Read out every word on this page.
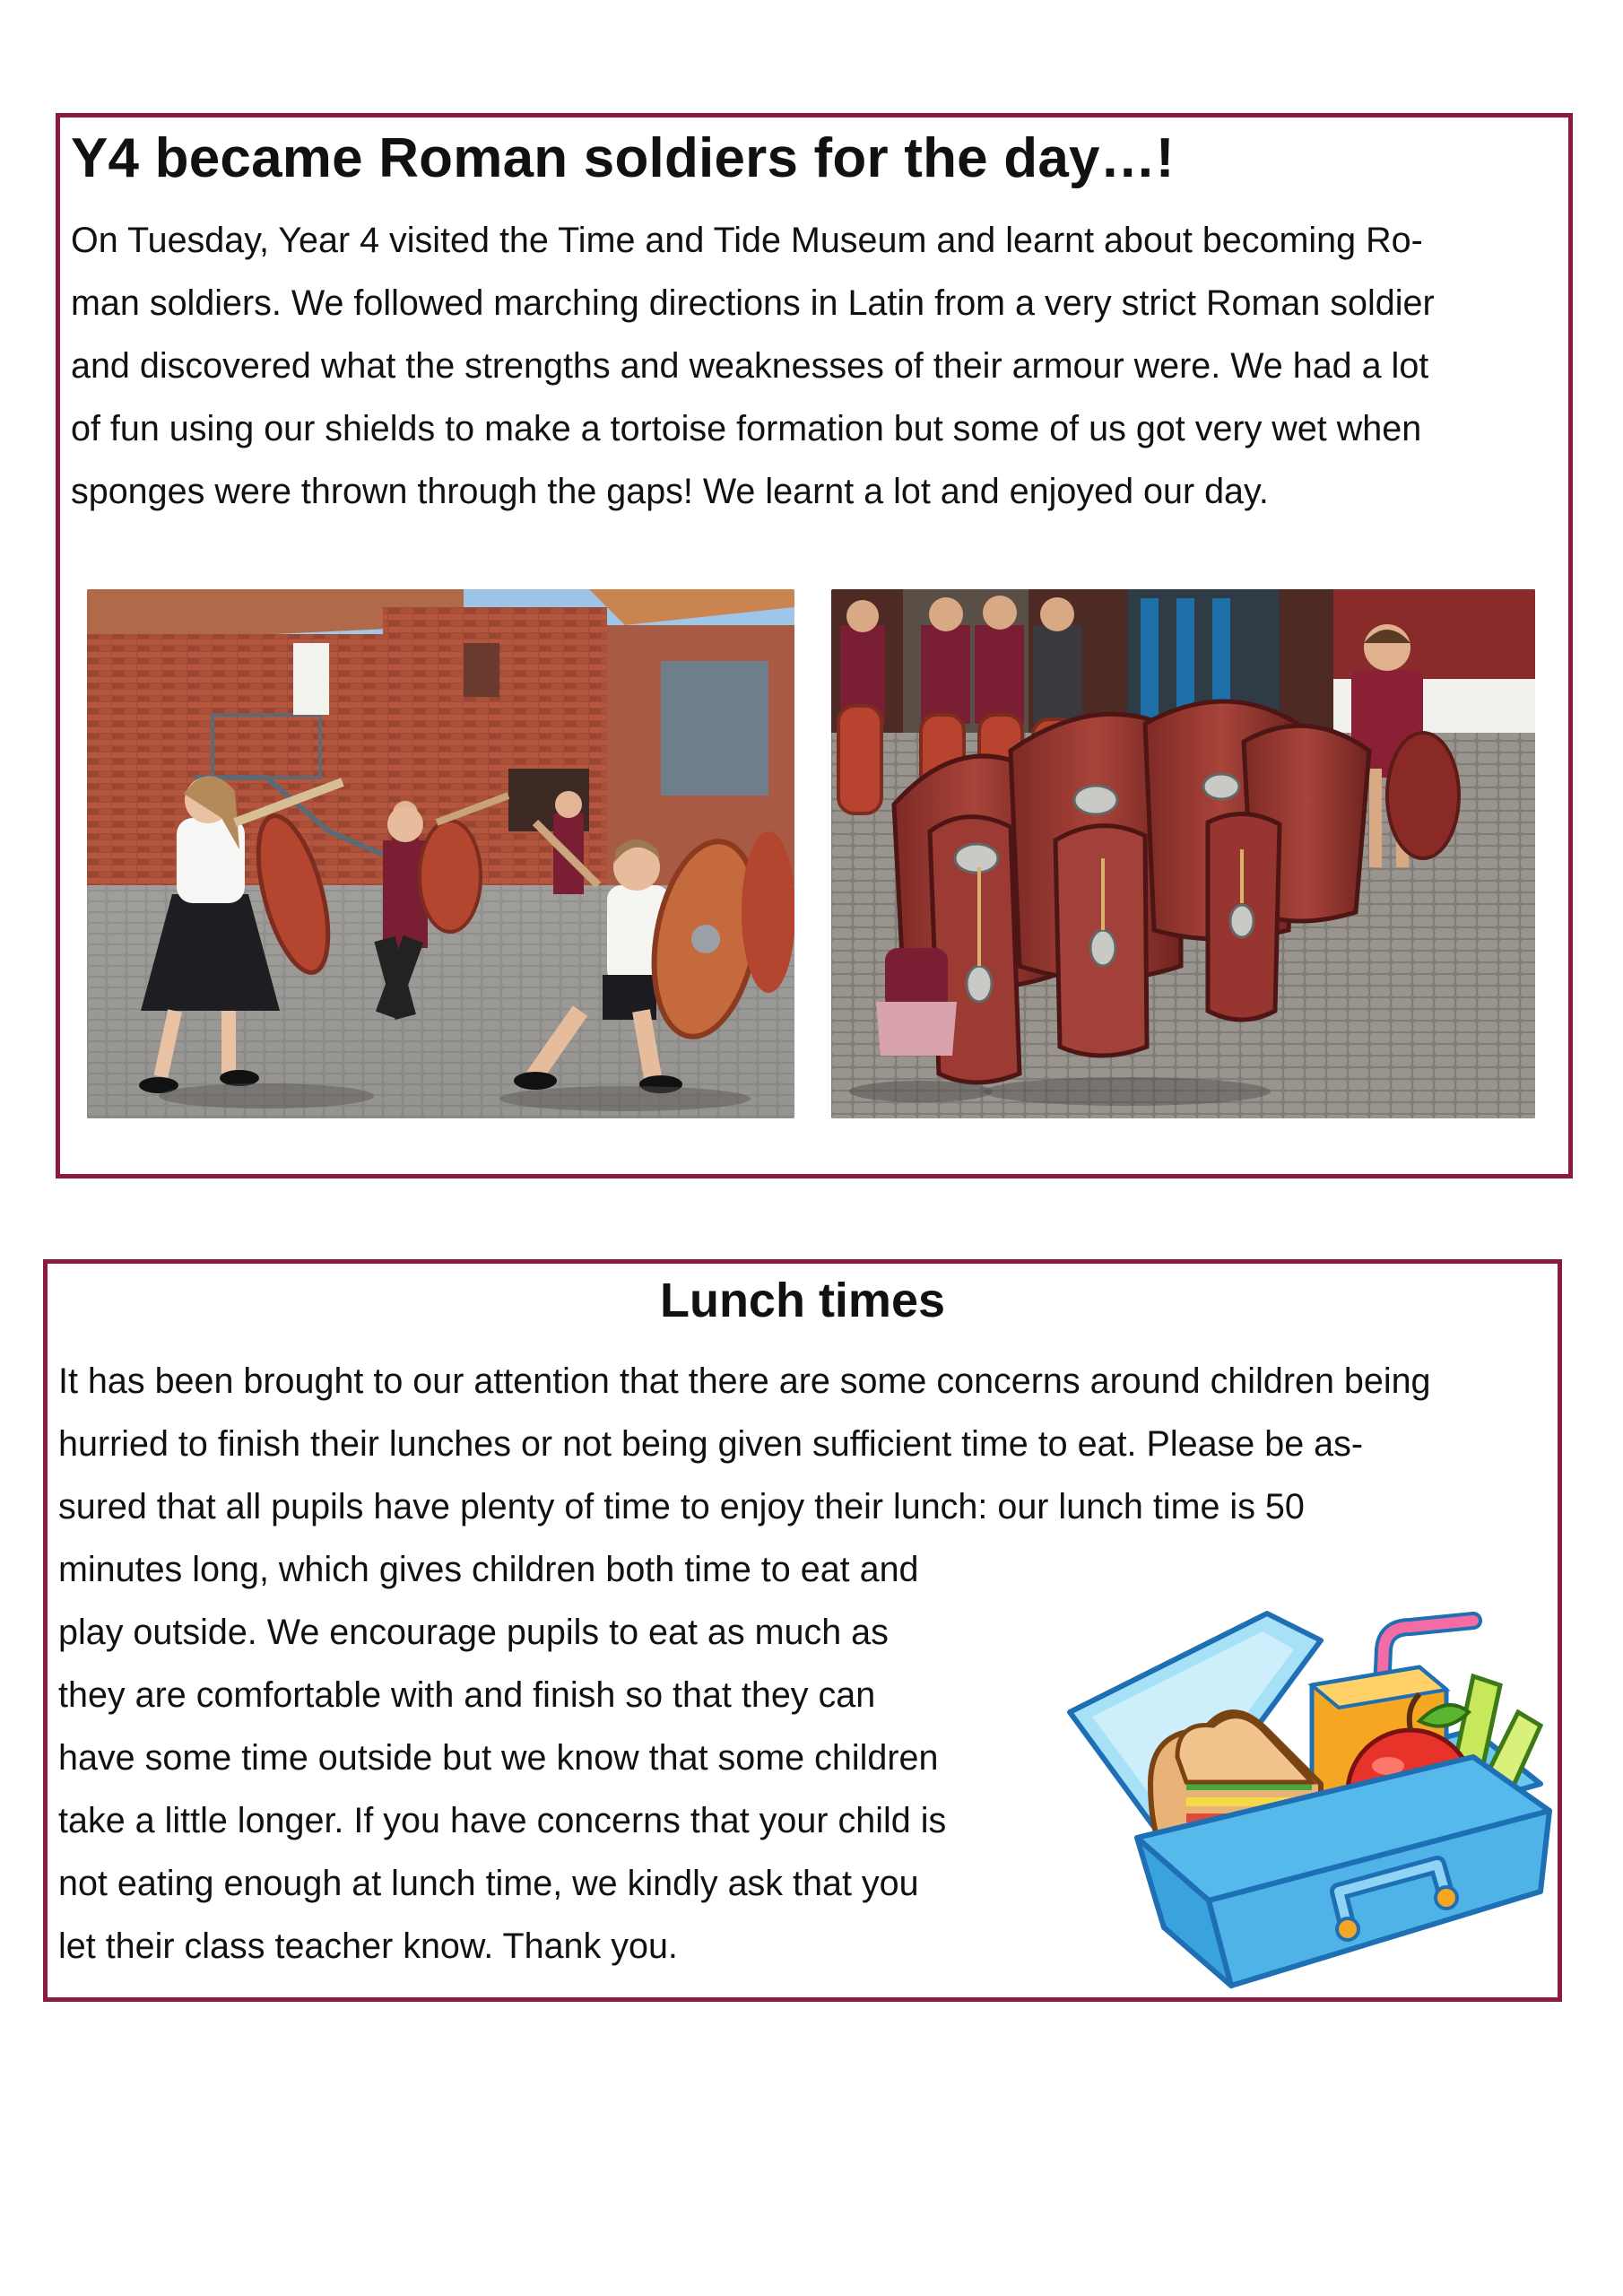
Y4 became Roman soldiers for the day…!
On Tuesday, Year 4 visited the Time and Tide Museum and learnt about becoming Ro-
man soldiers. We followed marching directions in Latin from a very strict Roman soldier
and discovered what the strengths and weaknesses of their armour were. We had a lot
of fun using our shields to make a tortoise formation but some of us got very wet when
sponges were thrown through the gaps! We learnt a lot and enjoyed our day.
Lunch times
It has been brought to our attention that there are some concerns around children being
hurried to finish their lunches or not being given sufficient time to eat. Please be as-
sured that all pupils have plenty of time to enjoy their lunch: our lunch time is 50
minutes long, which gives children both time to eat and
play outside. We encourage pupils to eat as much as
they are comfortable with and finish so that they can
have some time outside but we know that some children
take a little longer. If you have concerns that your child is
not eating enough at lunch time, we kindly ask that you
let their class teacher know. Thank you.
